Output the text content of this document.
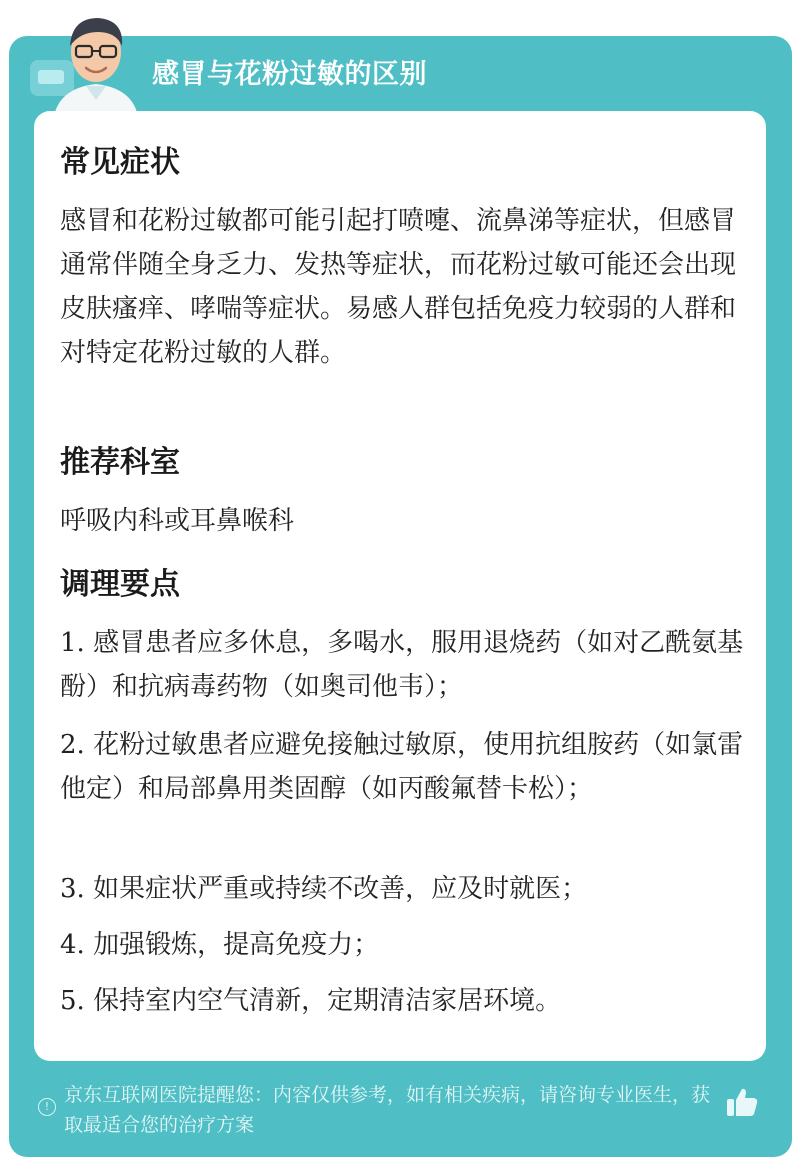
感冒与花粉过敏的区别
常见症状

感冒和花粉过敏都可能引起打喷嚏、流鼻涕等症状，但感冒通常伴随全身乏力、发热等症状，而花粉过敏可能还会出现皮肤瘙痒、哮喘等症状。易感人群包括免疫力较弱的人群和对特定花粉过敏的人群。

推荐科室

呼吸内科或耳鼻喉科

调理要点

1. 感冒患者应多休息，多喝水，服用退烧药（如对乙酰氨基酚）和抗病毒药物（如奥司他韦）；

2. 花粉过敏患者应避免接触过敏原，使用抗组胺药（如氯雷他定）和局部鼻用类固醇（如丙酸氟替卡松）；

3. 如果症状严重或持续不改善，应及时就医；

4. 加强锻炼，提高免疫力；

5. 保持室内空气清新，定期清洁家居环境。

!
京东互联网医院提醒您：内容仅供参考，如有相关疾病，请咨询专业医生，获取最适合您的治疗方案
